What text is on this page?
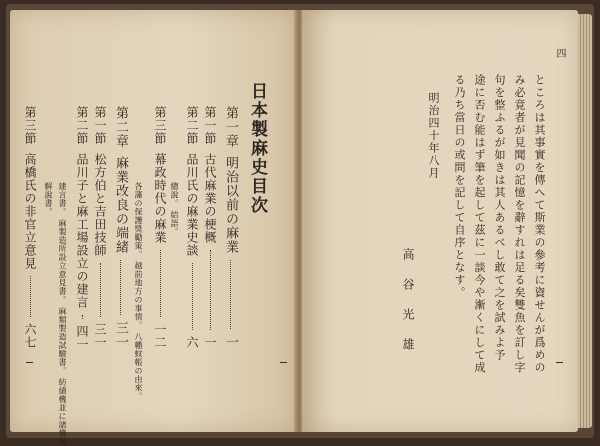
日本製麻史目次
第一章明治以前の麻業一
第一節古代麻業の梗概一
第二節品川氏の麻業史談六
總說。 結語。
第三節幕政時代の麻業一二
各藩の保護獎勵策。 越前地方の事情。 八幡蚊帳の由來。
第二章麻業改良の端緒三一
第一節松方伯と吉田技師三一
第二節品川子と麻工場設立の建言四一
建言書。 麻製造所設立意見書。 麻類製造試驗書。 紡績機並に諸機械
解說書。
第三節高橋氏の非官立意見六七
四
ところは其事實を傳へて斯業の參考に資せんが爲めの
み必竟者が見聞の記憶を辭すれは足る矣雙魚を訂し字
句を整ふるが如きは其人あるべし敢て之を試みよ予
途に否む能はず筆を起して茲に一談今や漸くにして成
る乃ち當日の或問を記して自序となす。
明治四十年八月
高谷光雄
